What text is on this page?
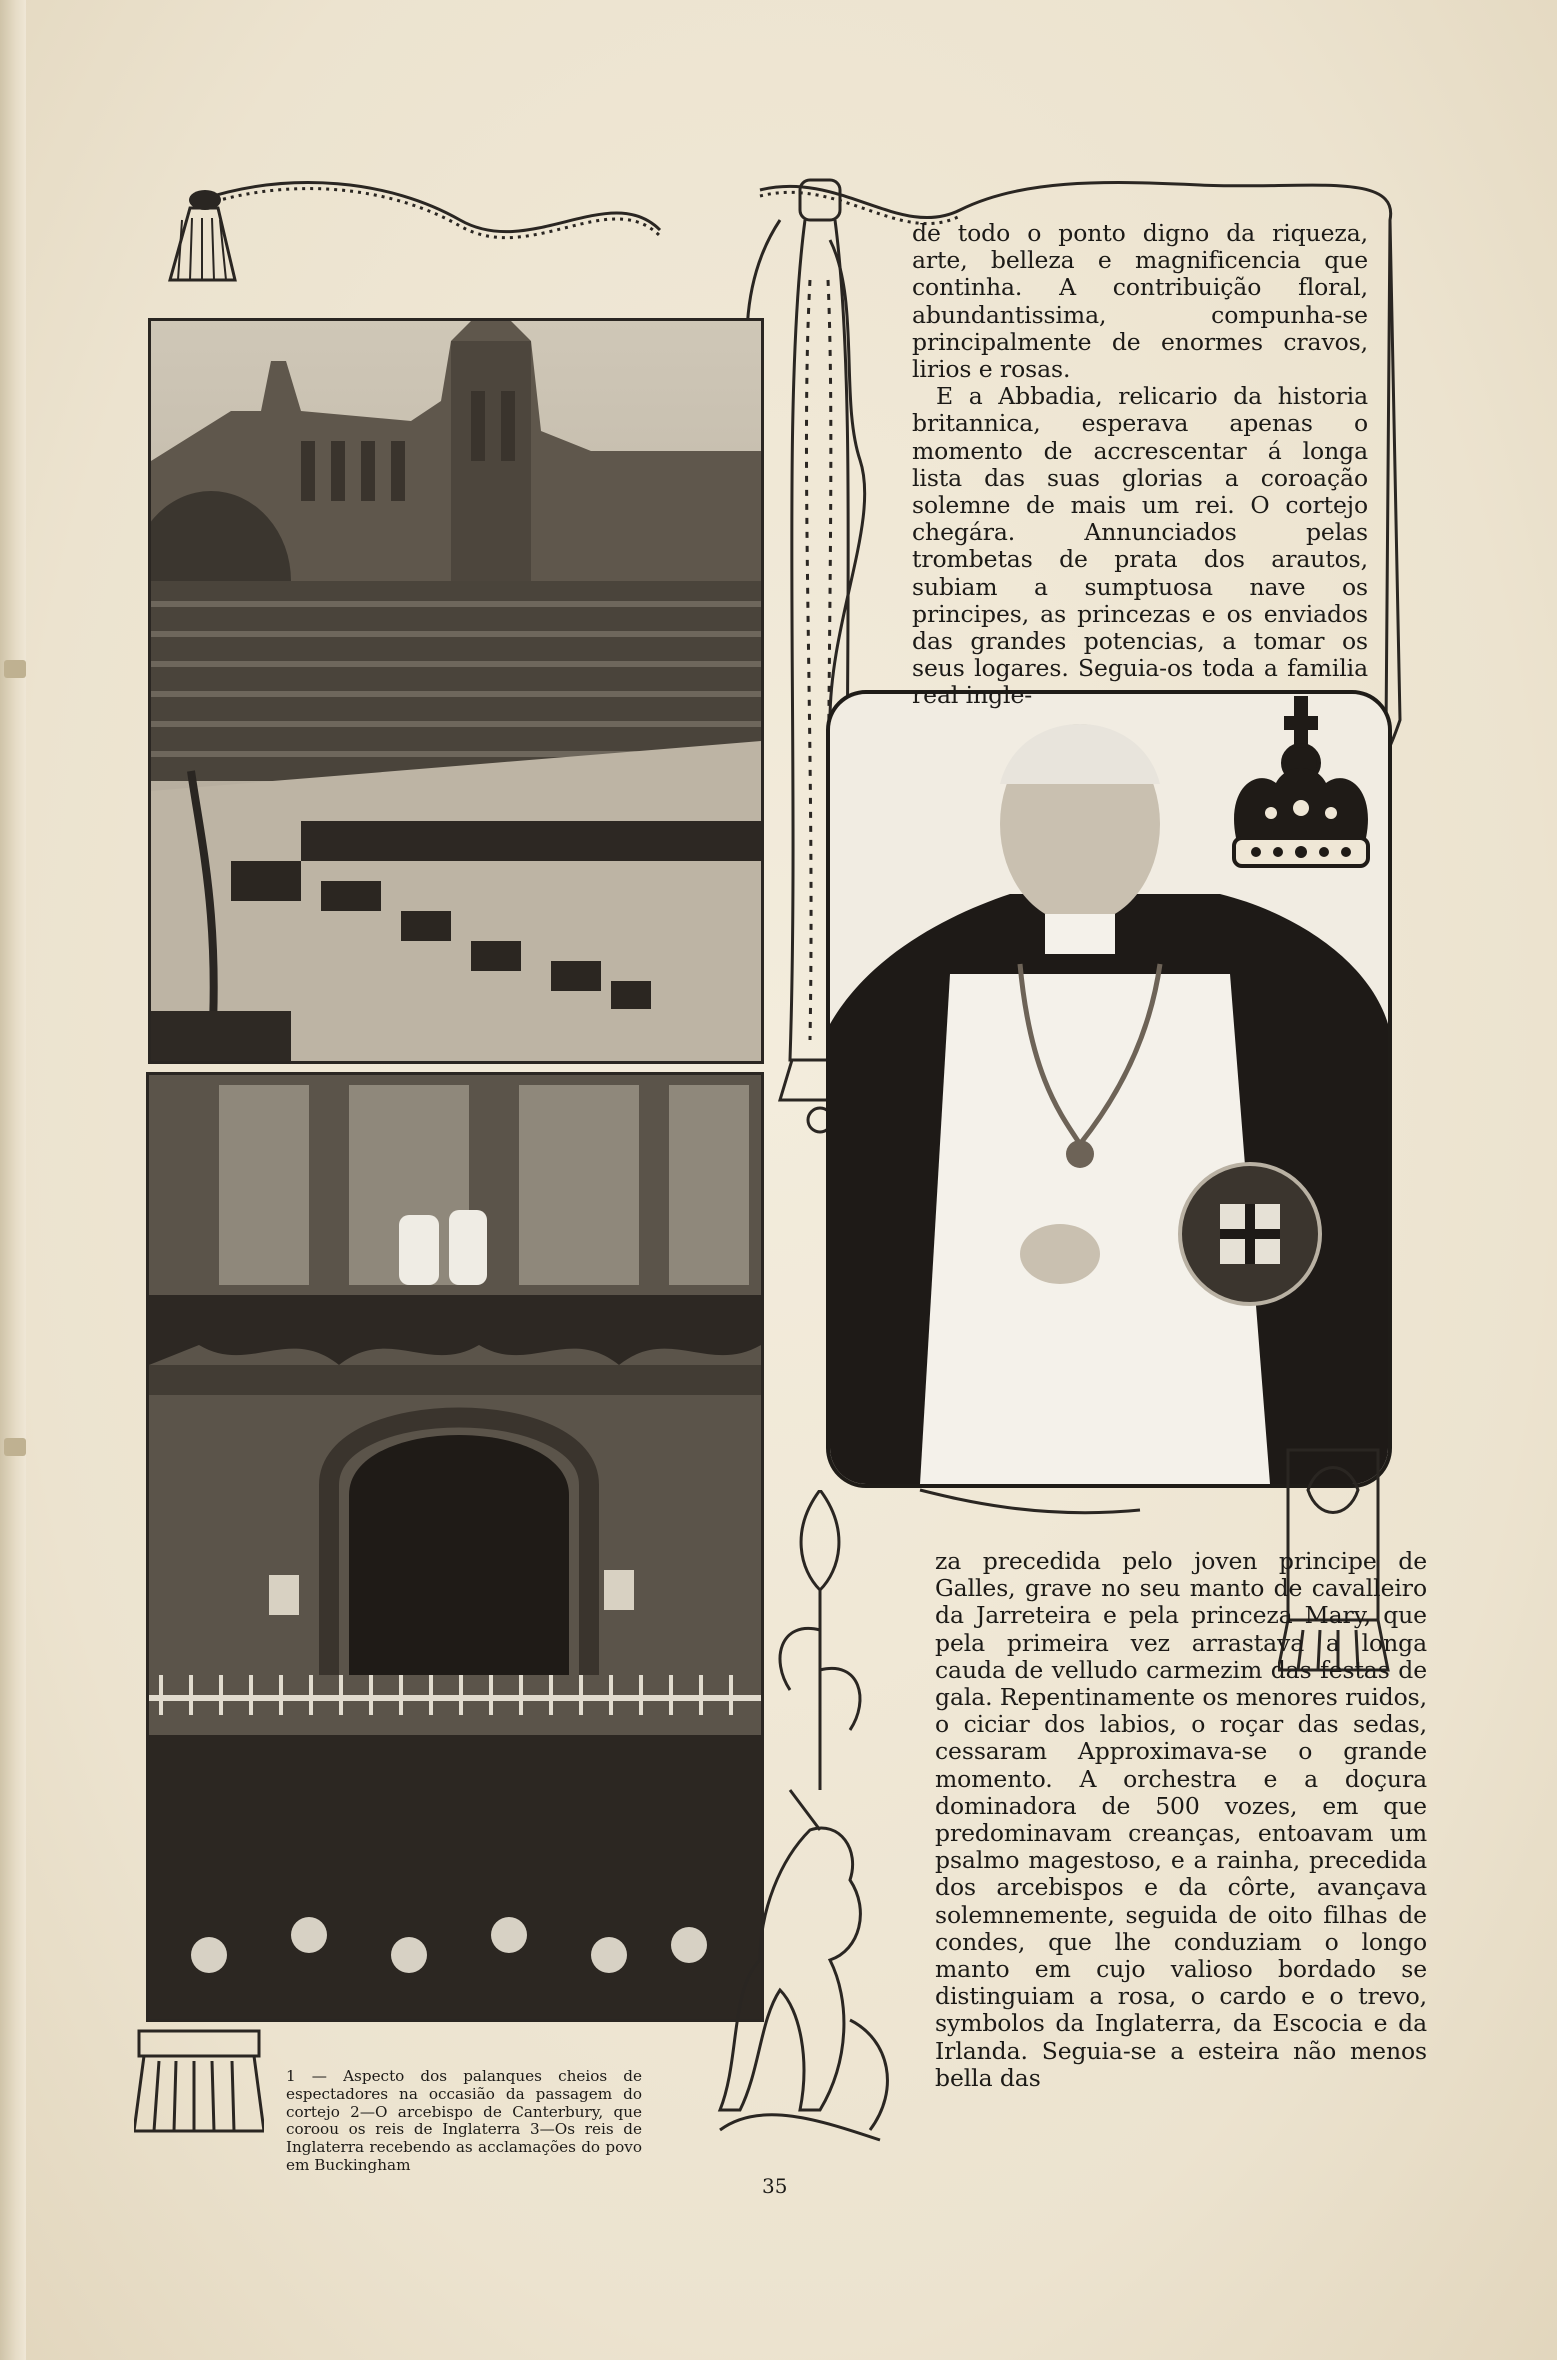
de todo o ponto digno da riqueza, arte, belleza e magnificencia que continha. A contribuição floral, abundantissima, compunha-se principalmente de enormes cravos, lirios e rosas.
E a Abbadia, relicario da historia britannica, esperava apenas o momento de accrescentar á longa lista das suas glorias a coroação solemne de mais um rei. O cortejo chegára. Annunciados pelas trombetas de prata dos arautos, subiam a sumptuosa nave os principes, as princezas e os enviados das grandes potencias, a tomar os seus logares. Seguia-os toda a familia real ingle-
za precedida pelo joven principe de Galles, grave no seu manto de cavalleiro da Jarreteira e pela princeza Mary, que pela primeira vez arrastava a longa cauda de velludo carmezim das festas de gala. Repentinamente os menores ruidos, o ciciar dos labios, o roçar das sedas, cessaram Approximava-se o grande momento. A orchestra e a doçura dominadora de 500 vozes, em que predominavam creanças, entoavam um psalmo magestoso, e a rainha, precedida dos arcebispos e da côrte, avançava solemnemente, seguida de oito filhas de condes, que lhe conduziam o longo manto em cujo valioso bordado se distinguiam a rosa, o cardo e o trevo, symbolos da Inglaterra, da Escocia e da Irlanda. Seguia-se a esteira não menos bella das
1 — Aspecto dos palanques cheios de espectadores na occasião da passagem do cortejo 2—O arcebispo de Canterbury, que coroou os reis de Inglaterra 3—Os reis de Inglaterra recebendo as acclamações do povo em Buckingham
35
